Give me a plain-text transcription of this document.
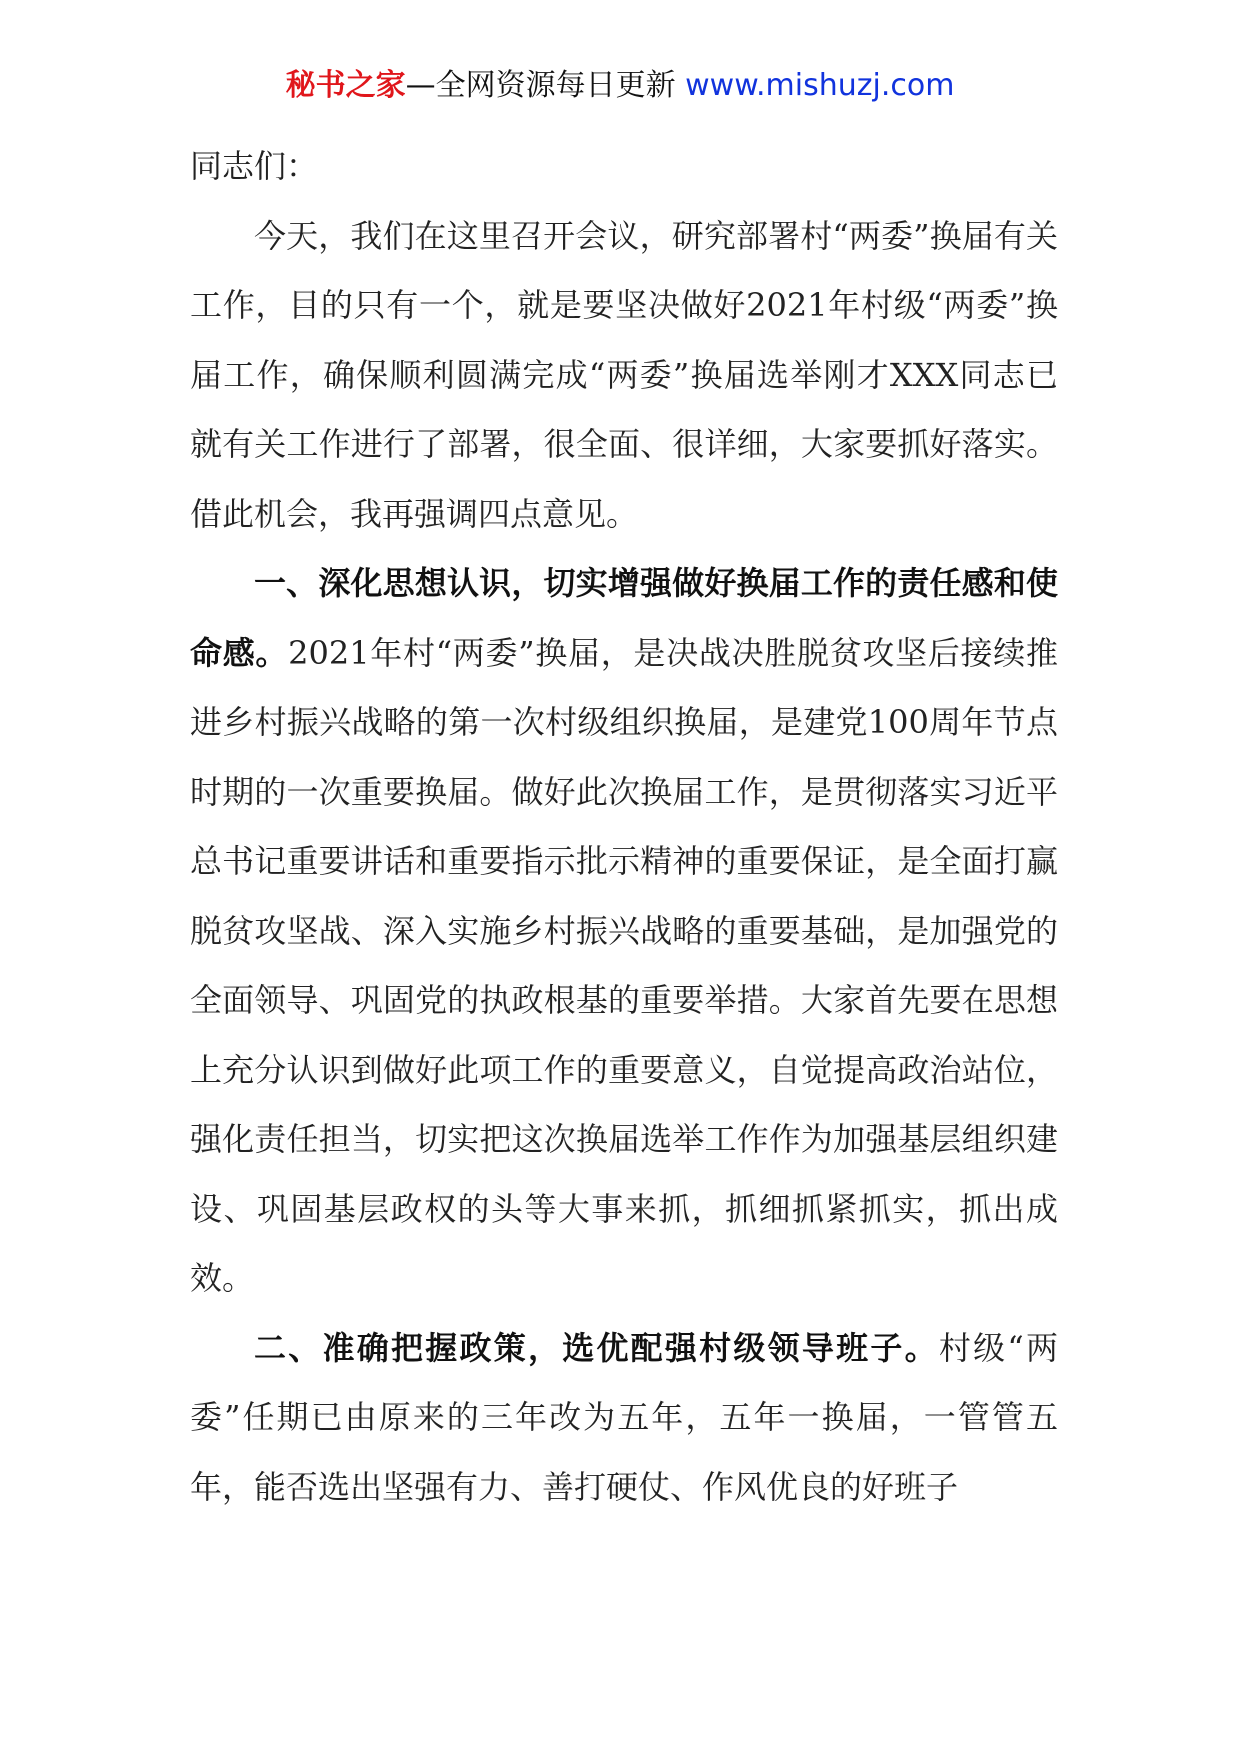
秘书之家—全网资源每日更新 www.mishuzj.com

同志们：

今天，我们在这里召开会议，研究部署村“两委”换届有关工作，目的只有一个，就是要坚决做好2021年村级“两委”换届工作，确保顺利圆满完成“两委”换届选举刚才XXX同志已就有关工作进行了部署，很全面、很详细，大家要抓好落实。借此机会，我再强调四点意见。

一、深化思想认识，切实增强做好换届工作的责任感和使命感。2021年村“两委”换届，是决战决胜脱贫攻坚后接续推进乡村振兴战略的第一次村级组织换届，是建党100周年节点时期的一次重要换届。做好此次换届工作，是贯彻落实习近平总书记重要讲话和重要指示批示精神的重要保证，是全面打赢脱贫攻坚战、深入实施乡村振兴战略的重要基础，是加强党的全面领导、巩固党的执政根基的重要举措。大家首先要在思想上充分认识到做好此项工作的重要意义，自觉提高政治站位，强化责任担当，切实把这次换届选举工作作为加强基层组织建设、巩固基层政权的头等大事来抓，抓细抓紧抓实，抓出成效。

二、准确把握政策，选优配强村级领导班子。村级“两委”任期已由原来的三年改为五年，五年一换届，一管管五年，能否选出坚强有力、善打硬仗、作风优良的好班子
